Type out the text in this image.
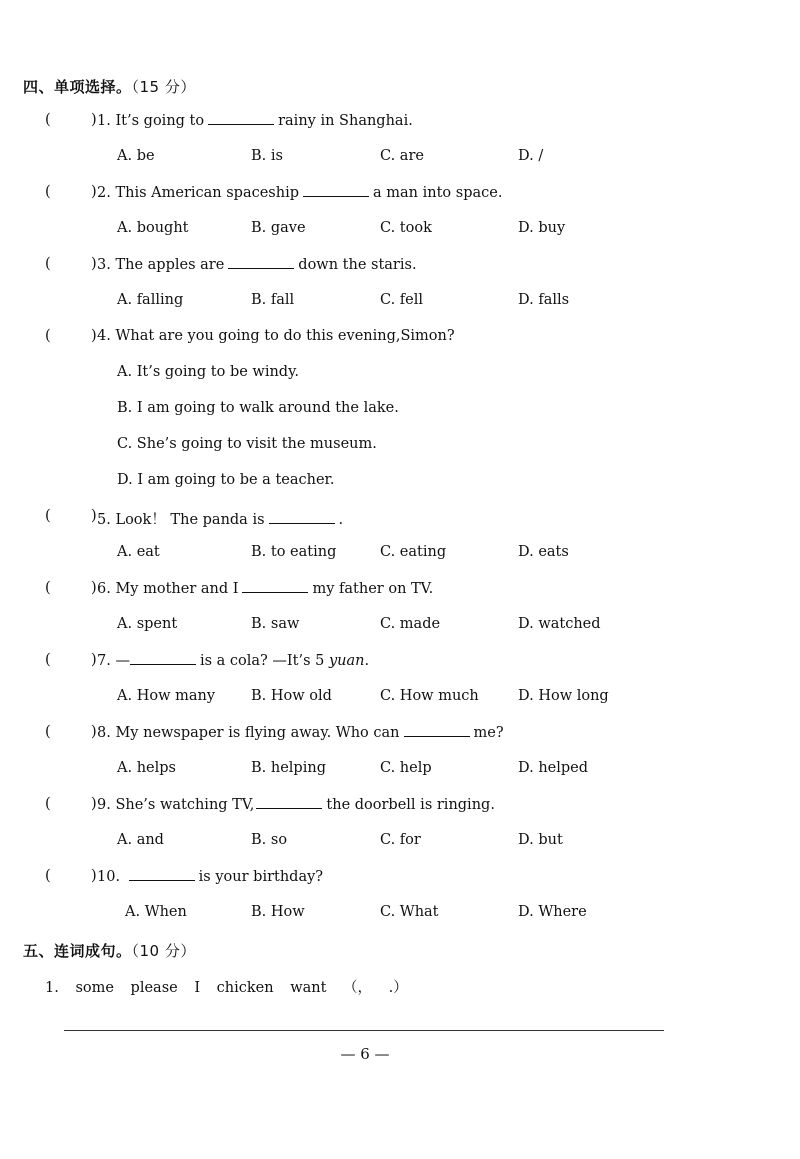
四、单项选择。（15 分）
(	) 1. It’s going to	rainy in Shanghai.
A. be	B. is	C. are	D. /
(	) 2. This American spaceship	a man into space.
A. bought	B. gave	C. took	D. buy
(	) 3. The apples are	down the staris.
A. falling	B. fall	C. fell	D. falls
(	) 4. What are you going to do this evening,Simon?
A. It’s going to be windy.
B. I am going to walk around the lake.
C. She’s going to visit the museum.
D. I am going to be a teacher.
(	) 5. Look！ The panda is	.
A. eat	B. to eating	C. eating	D. eats
(	) 6. My mother and I	my father on TV.
A. spent	B. saw	C. made	D. watched
(	) 7. —	is a cola? —It’s 5 yuan.
A. How many B. How old	C. How much	D. How long
(	) 8. My newspaper is flying away. Who can	me?
A. helps	B. helping	C. help	D. helped
(	) 9. She’s watching TV,	the doorbell is ringing.
A. and	B. so	C. for	D. but
(	) 10.	is your birthday?
A. When	B. How	C. What	D. Where
五、连词成句。（10 分）
1. some please I chicken want （， .）
— 6 —
